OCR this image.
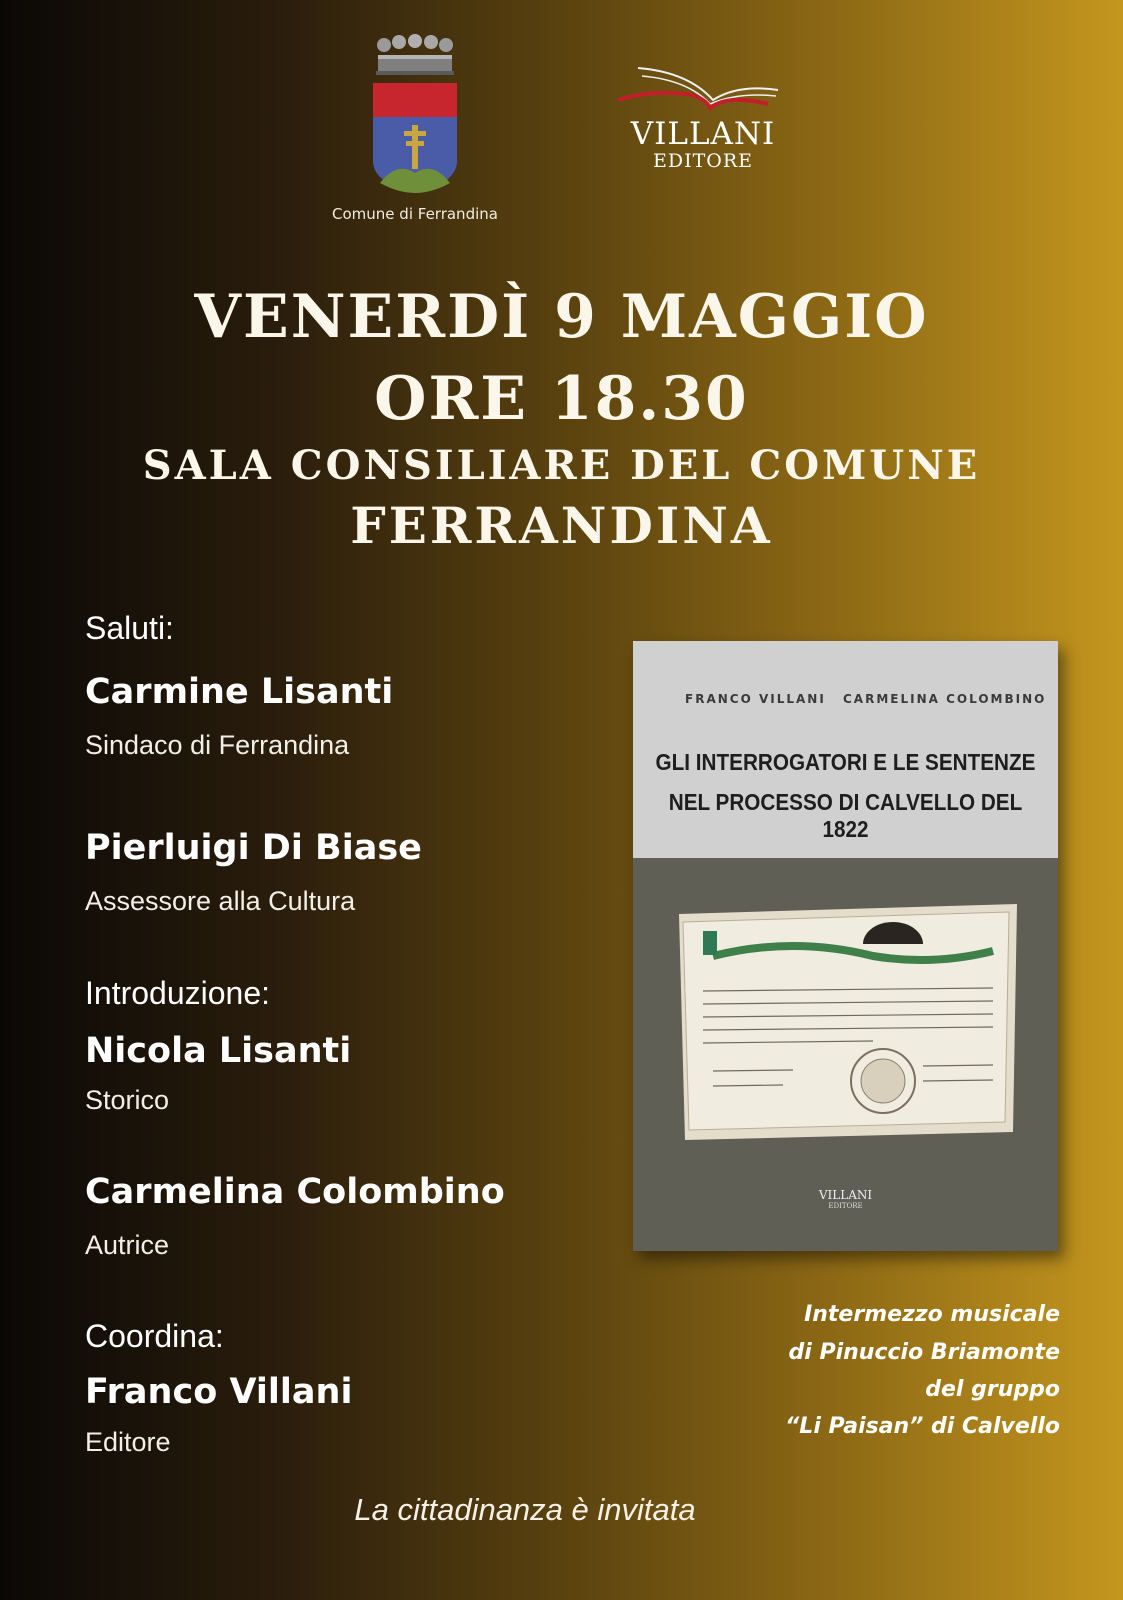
Comune di Ferrandina
VILLANI
EDITORE
VENERDÌ 9 MAGGIO
ORE 18.30
SALA CONSILIARE DEL COMUNE
FERRANDINA
Saluti:
Carmine Lisanti
Sindaco di Ferrandina
Pierluigi Di Biase
Assessore alla Cultura
Introduzione:
Nicola Lisanti
Storico
Carmelina Colombino
Autrice
Coordina:
Franco Villani
Editore
FRANCO VILLANI CARMELINA COLOMBINO
GLI INTERROGATORI E LE SENTENZE
NEL PROCESSO DI CALVELLO DEL 1822
VILLANI
EDITORE
Intermezzo musicale
di Pinuccio Briamonte
del gruppo
“Li Paisan” di Calvello
La cittadinanza è invitata
